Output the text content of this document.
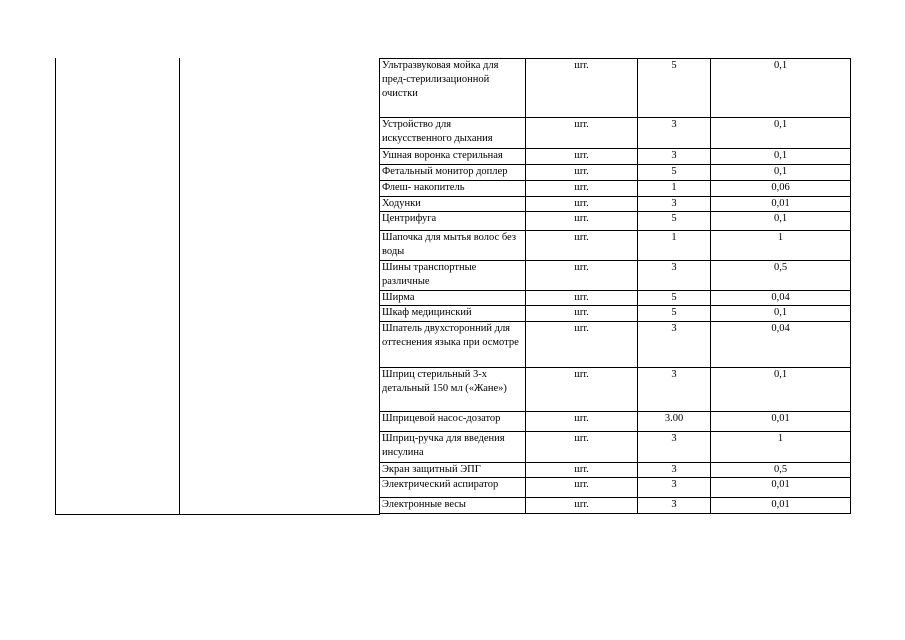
Ультразвуковая мойка для пред-стерилизационной очистки	шт.	5	0,1
Устройство для искусственного дыхания	шт.	3	0,1
Ушная воронка стерильная	шт.	3	0,1
Фетальный монитор доплер	шт.	5	0,1
Флеш- накопитель	шт.	1	0,06
Ходунки	шт.	3	0,01
Центрифуга	шт.	5	0,1
Шапочка для мытья волос без воды	шт.	1	1
Шины транспортные различные	шт.	3	0,5
Ширма	шт.	5	0,04
Шкаф медицинский	шт.	5	0,1
Шпатель двухсторонний для оттеснения языка при осмотре	шт.	3	0,04
Шприц стерильный 3-х детальный 150 мл («Жане»)	шт.	3	0,1
Шприцевой насос-дозатор	шт.	3.00	0,01
Шприц-ручка для введения инсулина	шт.	3	1
Экран защитный ЭПГ	шт.	3	0,5
Электрический аспиратор	шт.	3	0,01
Электронные весы	шт.	3	0,01
